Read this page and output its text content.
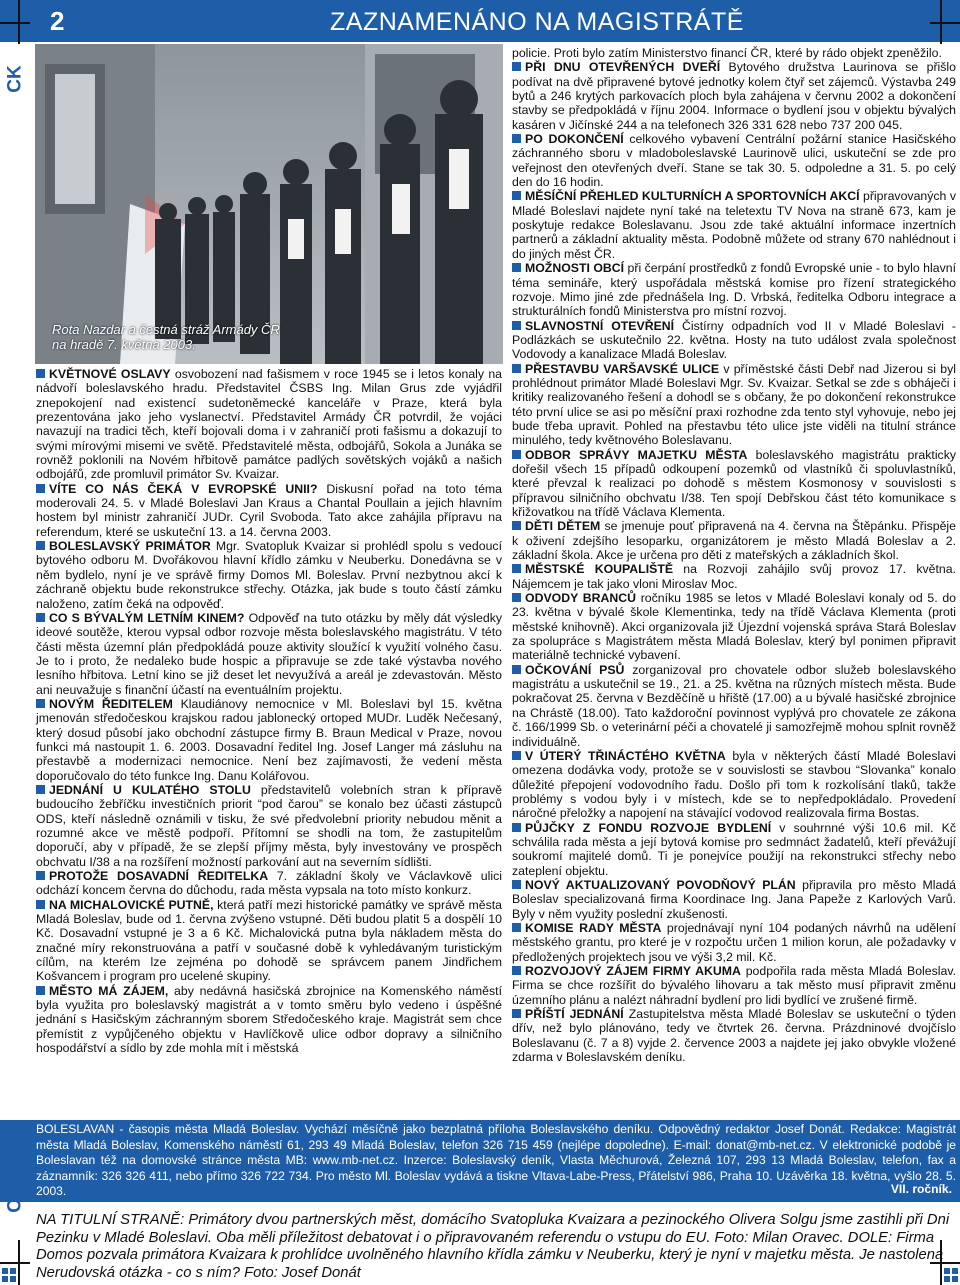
2	ZAZNAMENÁNO NA MAGISTRÁTĚ
CK
Rota Nazdar a čestná stráž Armády ČR
na hradě 7. května 2003.

KVĚTNOVÉ OSLAVY osvobození nad fašismem v roce 1945 se i letos konaly na nádvoří boleslavského hradu. Představitel ČSBS Ing. Milan Grus zde vyjádřil znepokojení nad existencí sudetoněmecké kanceláře v Praze, která byla prezentována jako jeho vyslanectví. Představitel Armády ČR potvrdil, že vojáci navazují na tradici těch, kteří bojovali doma i v zahraničí proti fašismu a dokazují to svými mírovými misemi ve světě. Představitelé města, odbojářů, Sokola a Junáka se rovněž poklonili na Novém hřbitově památce padlých sovětských vojáků a našich odbojářů, zde promluvil primátor Sv. Kvaizar.

VÍTE CO NÁS ČEKÁ V EVROPSKÉ UNII? Diskusní pořad na toto téma moderovali 24. 5. v Mladé Boleslavi Jan Kraus a Chantal Poullain a jejich hlavním hostem byl ministr zahraničí JUDr. Cyril Svoboda. Tato akce zahájila přípravu na referendum, které se uskuteční 13. a 14. června 2003.

BOLESLAVSKÝ PRIMÁTOR Mgr. Svatopluk Kvaizar si prohlédl spolu s vedoucí bytového odboru M. Dvořákovou hlavní křídlo zámku v Neuberku. Donedávna se v něm bydlelo, nyní je ve správě firmy Domos Ml. Boleslav. První nezbytnou akcí k záchraně objektu bude rekonstrukce střechy. Otázka, jak bude s touto částí zámku naloženo, zatím čeká na odpověď.

CO S BÝVALÝM LETNÍM KINEM? Odpověď na tuto otázku by měly dát výsledky ideové soutěže, kterou vypsal odbor rozvoje města boleslavského magistrátu. V této části města územní plán předpokládá pouze aktivity sloužící k využití volného času. Je to i proto, že nedaleko bude hospic a připravuje se zde také výstavba nového lesního hřbitova. Letní kino se již deset let nevyužívá a areál je zdevastován. Město ani neuvažuje s finanční účastí na eventuálním projektu.

NOVÝM ŘEDITELEM Klaudiánovy nemocnice v Ml. Boleslavi byl 15. května jmenován středočeskou krajskou radou jablonecký ortoped MUDr. Luděk Nečesaný, který dosud působí jako obchodní zástupce firmy B. Braun Medical v Praze, novou funkci má nastoupit 1. 6. 2003. Dosavadní ředitel Ing. Josef Langer má zásluhu na přestavbě a modernizaci nemocnice. Není bez zajímavosti, že vedení města doporučovalo do této funkce Ing. Danu Kolářovou.

JEDNÁNÍ U KULATÉHO STOLU představitelů volebních stran k přípravě budoucího žebříčku investičních priorit “pod čarou” se konalo bez účasti zástupců ODS, kteří následně oznámili v tisku, že své předvolební priority nebudou měnit a rozumné akce ve městě podpoří. Přítomní se shodli na tom, že zastupitelům doporučí, aby v případě, že se zlepší příjmy města, byly investovány ve prospěch obchvatu I/38 a na rozšíření možností parkování aut na severním sídlišti.

PROTOŽE DOSAVADNÍ ŘEDITELKA 7. základní školy ve Václavkově ulici odchází koncem června do důchodu, rada města vypsala na toto místo konkurz.

NA MICHALOVICKÉ PUTNĚ, která patří mezi historické památky ve správě města Mladá Boleslav, bude od 1. června zvýšeno vstupné. Děti budou platit 5 a dospělí 10 Kč. Dosavadní vstupné je 3 a 6 Kč. Michalovická putna byla nákladem města do značné míry rekonstruována a patří v současné době k vyhledávaným turistickým cílům, na kterém lze zejména po dohodě se správcem panem Jindřichem Košvancem i program pro ucelené skupiny.

MĚSTO MÁ ZÁJEM, aby nedávná hasičská zbrojnice na Komenského náměstí byla využita pro boleslavský magistrát a v tomto směru bylo vedeno i úspěšné jednání s Hasičským záchranným sborem Středočeského kraje. Magistrát sem chce přemístit z vypůjčeného objektu v Havlíčkově ulice odbor dopravy a silničního hospodářství a sídlo by zde mohla mít i městská

policie. Proti bylo zatím Ministerstvo financí ČR, které by rádo objekt zpeněžilo.

PŘI DNU OTEVŘENÝCH DVEŘÍ Bytového družstva Laurinova se přišlo podívat na dvě připravené bytové jednotky kolem čtyř set zájemců. Výstavba 249 bytů a 246 krytých parkovacích ploch byla zahájena v červnu 2002 a dokončení stavby se předpokládá v říjnu 2004. Informace o bydlení jsou v objektu bývalých kasáren v Jičínské 244 a na telefonech 326 331 628 nebo 737 200 045.

PO DOKONČENÍ celkového vybavení Centrální požární stanice Hasičského záchranného sboru v mladoboleslavské Laurinově ulici, uskuteční se zde pro veřejnost den otevřených dveří. Stane se tak 30. 5. odpoledne a 31. 5. po celý den do 16 hodin.

MĚSÍČNÍ PŘEHLED KULTURNÍCH A SPORTOVNÍCH AKCÍ připravovaných v Mladé Boleslavi najdete nyní také na teletextu TV Nova na straně 673, kam je poskytuje redakce Boleslavanu. Jsou zde také aktuální informace inzertních partnerů a základní aktuality města. Podobně můžete od strany 670 nahlédnout i do jiných měst ČR.

MOŽNOSTI OBCÍ při čerpání prostředků z fondů Evropské unie - to bylo hlavní téma semináře, který uspořádala městská komise pro řízení strategického rozvoje. Mimo jiné zde přednášela Ing. D. Vrbská, ředitelka Odboru integrace a strukturálních fondů Ministerstva pro místní rozvoj.

SLAVNOSTNÍ OTEVŘENÍ Čistírny odpadních vod II v Mladé Boleslavi - Podlázkách se uskutečnilo 22. května. Hosty na tuto událost zvala společnost Vodovody a kanalizace Mladá Boleslav.

PŘESTAVBU VARŠAVSKÉ ULICE v příměstské části Debř nad Jizerou si byl prohlédnout primátor Mladé Boleslavi Mgr. Sv. Kvaizar. Setkal se zde s obháječi i kritiky realizovaného řešení a dohodl se s občany, že po dokončení rekonstrukce této první ulice se asi po měsíční praxi rozhodne zda tento styl vyhovuje, nebo jej bude třeba upravit. Pohled na přestavbu této ulice jste viděli na titulní stránce minulého, tedy květnového Boleslavanu.

ODBOR SPRÁVY MAJETKU MĚSTA boleslavského magistrátu prakticky dořešil všech 15 případů odkoupení pozemků od vlastníků či spoluvlastníků, které převzal k realizaci po dohodě s městem Kosmonosy v souvislosti s přípravou silničního obchvatu I/38. Ten spojí Debřskou část této komunikace s křižovatkou na třídě Václava Klementa.

DĚTI DĚTEM se jmenuje pouť připravená na 4. června na Štěpánku. Přispěje k oživení zdejšího lesoparku, organizátorem je město Mladá Boleslav a 2. základní škola. Akce je určena pro děti z mateřských a základních škol.

MĚSTSKÉ KOUPALIŠTĚ na Rozvoji zahájilo svůj provoz 17. května. Nájemcem je tak jako vloni Miroslav Moc.

ODVODY BRANCŮ ročníku 1985 se letos v Mladé Boleslavi konaly od 5. do 23. května v bývalé škole Klementinka, tedy na třídě Václava Klementa (proti městské knihovně). Akci organizovala již Újezdní vojenská správa Stará Boleslav za spolupráce s Magistrátem města Mladá Boleslav, který byl ponimen připravit materiálně technické vybavení.

OČKOVÁNÍ PSŮ zorganizoval pro chovatele odbor služeb boleslavského magistrátu a uskutečnil se 19., 21. a 25. května na různých místech města. Bude pokračovat 25. června v Bezděčíně u hřiště (17.00) a u bývalé hasičské zbrojnice na Chrástě (18.00). Tato každoroční povinnost vyplývá pro chovatele ze zákona č. 166/1999 Sb. o veterinární péči a chovatelé ji samozřejmě mohou splnit rovněž individuálně.

V ÚTERÝ TŘINÁCTÉHO KVĚTNA byla v některých částí Mladé Boleslavi omezena dodávka vody, protože se v souvislosti se stavbou “Slovanka” konalo důležité přepojení vodovodního řadu. Došlo při tom k rozkolísání tlaků, takže problémy s vodou byly i v místech, kde se to nepředpokládalo. Provedení náročné přeložky a napojení na stávající vodovod realizovala firma Bostas.

PŮJČKY Z FONDU ROZVOJE BYDLENÍ v souhrnné výši 10.6 mil. Kč schválila rada města a její bytová komise pro sedmnáct žadatelů, kteří převážují soukromí majitelé domů. Ti je ponejvíce použijí na rekonstrukci střechy nebo zateplení objektu.

NOVÝ AKTUALIZOVANÝ POVODŇOVÝ PLÁN připravila pro město Mladá Boleslav specializovaná firma Koordinace Ing. Jana Papeže z Karlových Varů. Byly v něm využity poslední zkušenosti.

KOMISE RADY MĚSTA projednávají nyní 104 podaných návrhů na udělení městského grantu, pro které je v rozpočtu určen 1 milion korun, ale požadavky v předložených projektech jsou ve výši 3,2 mil. Kč.

ROZVOJOVÝ ZÁJEM FIRMY AKUMA podpořila rada města Mladá Boleslav. Firma se chce rozšířit do bývalého lihovaru a tak město musí připravit změnu územního plánu a nalézt náhradní bydlení pro lidi bydlící ve zrušené firmě.

PŘÍŠTÍ JEDNÁNÍ Zastupitelstva města Mladé Boleslav se uskuteční o týden dřív, než bylo plánováno, tedy ve čtvrtek 26. června. Prázdninové dvojčíslo Boleslavanu (č. 7 a 8) vyjde 2. července 2003 a najdete jej jako obvykle vložené zdarma v Boleslavském deníku.

BOLESLAVAN - časopis města Mladá Boleslav. Vychází měsíčně jako bezplatná příloha Boleslavského deníku. Odpovědný redaktor Josef Donát. Redakce: Magistrát města Mladá Boleslav, Komenského náměstí 61, 293 49 Mladá Boleslav, telefon 326 715 459 (nejlépe dopoledne). E-mail: donat@mb-net.cz. V elektronické podobě je Boleslavan též na domovské stránce města MB: www.mb-net.cz. Inzerce: Boleslavský deník, Vlasta Měchurová, Železná 107, 293 13 Mladá Boleslav, telefon, fax a záznamník: 326 326 411, nebo přímo 326 722 734. Pro město Ml. Boleslav vydává a tiskne Vltava-Labe-Press, Přátelství 986, Praha 10. Uzávěrka 18. května, vyšlo 28. 5. 2003.	VII. ročník.
NA TITULNÍ STRANĚ: Primátory dvou partnerských měst, domácího Svatopluka Kvaizara a pezinockého Olivera Solgu jsme zastihli při Dni Pezinku v Mladé Boleslavi. Oba měli příležitost debatovat i o připravovaném referendu o vstupu do EU. Foto: Milan Oravec. DOLE: Firma Domos pozvala primátora Kvaizara k prohlídce uvolněného hlavního křídla zámku v Neuberku, který je nyní v majetku města. Je nastolena Nerudovská otázka - co s ním? Foto: Josef Donát
